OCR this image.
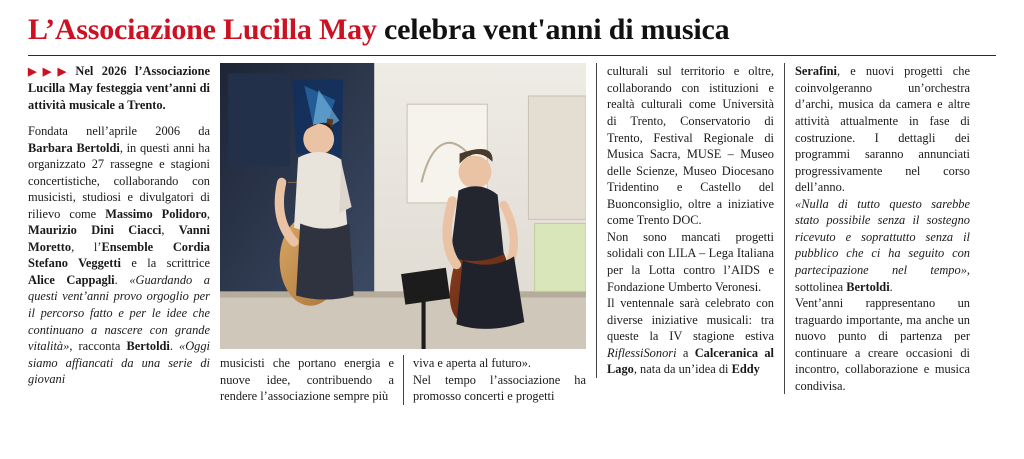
L’Associazione Lucilla May celebra vent'anni di musica

▶▶▶ Nel 2026 l’Associazione Lucilla May festeggia vent’anni di attività musicale a Trento.

Fondata nell’aprile 2006 da Barbara Bertoldi, in questi anni ha organizzato 27 rassegne e stagioni concertistiche, collaborando con musicisti, studiosi e divulgatori di rilievo come Massimo Polidoro, Maurizio Dini Ciacci, Vanni Moretto, l’Ensemble Cordia Stefano Veggetti e la scrittrice Alice Cappagli. «Guardando a questi vent’anni provo orgoglio per il percorso fatto e per le idee che continuano a nascere con grande vitalità», racconta Bertoldi. «Oggi siamo affiancati da una serie di giovani

musicisti che portano energia e nuove idee, contribuendo a rendere l’associazione sempre più
viva e aperta al futuro».
Nel tempo l’associazione ha promosso concerti e progetti

culturali sul territorio e oltre, collaborando con istituzioni e realtà culturali come Università di Trento, Conservatorio di Trento, Festival Regionale di Musica Sacra, MUSE – Museo delle Scienze, Museo Diocesano Tridentino e Castello del Buonconsiglio, oltre a iniziative come Trento DOC.
Non sono mancati progetti solidali con LILA – Lega Italiana per la Lotta contro l’AIDS e Fondazione Umberto Veronesi.
Il ventennale sarà celebrato con diverse iniziative musicali: tra queste la IV stagione estiva RiflessiSonori a Calceranica al Lago, nata da un’idea di Eddy

Serafini, e nuovi progetti che coinvolgeranno un’orchestra d’archi, musica da camera e altre attività attualmente in fase di costruzione. I dettagli dei programmi saranno annunciati progressivamente nel corso dell’anno.
«Nulla di tutto questo sarebbe stato possibile senza il sostegno ricevuto e soprattutto senza il pubblico che ci ha seguito con partecipazione nel tempo», sottolinea Bertoldi.
Vent’anni rappresentano un traguardo importante, ma anche un nuovo punto di partenza per continuare a creare occasioni di incontro, collaborazione e musica condivisa.
